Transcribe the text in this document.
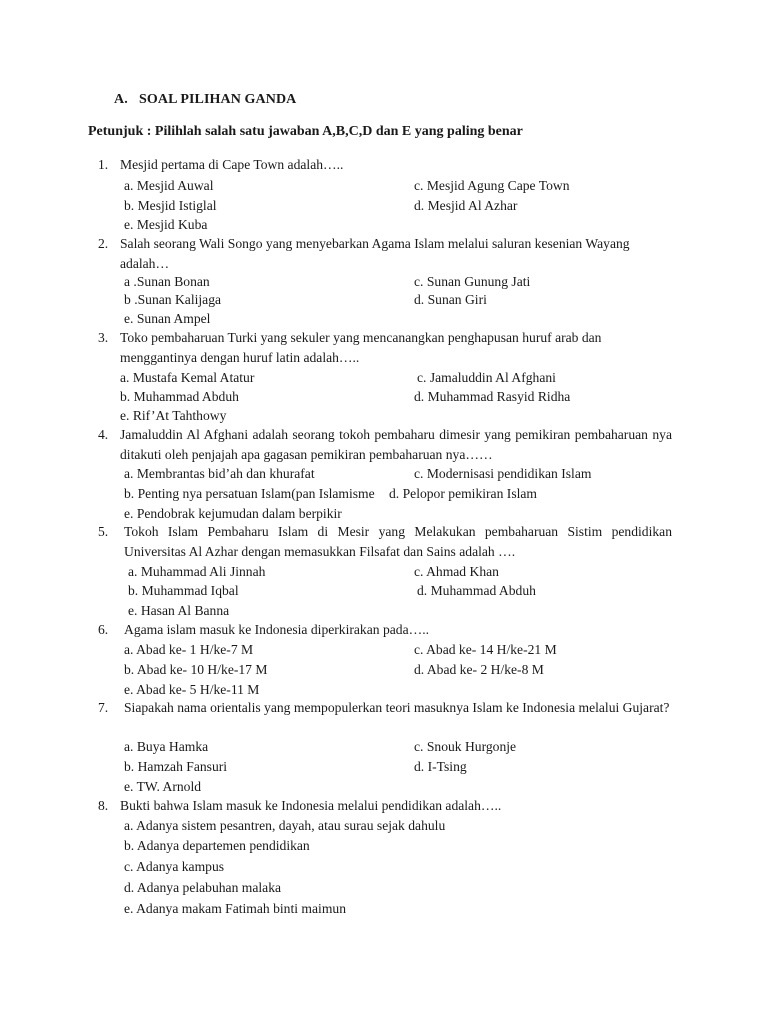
A. SOAL PILIHAN GANDA
Petunjuk : Pilihlah salah satu jawaban A,B,C,D dan E yang paling benar
1. Mesjid pertama di Cape Town adalah…..
a. Mesjid Auwal	c. Mesjid Agung Cape Town
b. Mesjid Istiglal	d. Mesjid Al Azhar
e. Mesjid Kuba
2. Salah seorang Wali Songo yang menyebarkan Agama Islam melalui saluran kesenian Wayang adalah…
a .Sunan Bonan	c. Sunan Gunung Jati
b .Sunan Kalijaga	d. Sunan Giri
e. Sunan Ampel
3. Toko pembaharuan Turki yang sekuler yang mencanangkan penghapusan huruf arab dan menggantinya dengan huruf latin adalah…..
a. Mustafa Kemal Atatur	c. Jamaluddin Al Afghani
b. Muhammad Abduh	d. Muhammad Rasyid Ridha
e. Rif’At Tahthowy
4. Jamaluddin Al Afghani adalah seorang tokoh pembaharu dimesir yang pemikiran pembaharuan nya ditakuti oleh penjajah apa gagasan pemikiran pembaharuan nya……
a. Membrantas bid’ah dan khurafat	c. Modernisasi pendidikan Islam
b. Penting nya persatuan Islam(pan Islamisme d. Pelopor pemikiran Islam
e. Pendobrak kejumudan dalam berpikir
5. Tokoh Islam Pembaharu Islam di Mesir yang Melakukan pembaharuan Sistim pendidikan Universitas Al Azhar dengan memasukkan Filsafat dan Sains adalah ….
a. Muhammad Ali Jinnah	c. Ahmad Khan
b. Muhammad Iqbal	d. Muhammad Abduh
e. Hasan Al Banna
6. Agama islam masuk ke Indonesia diperkirakan pada…..
a. Abad ke- 1 H/ke-7 M	c. Abad ke- 14 H/ke-21 M
b. Abad ke- 10 H/ke-17 M	d. Abad ke- 2 H/ke-8 M
e. Abad ke- 5 H/ke-11 M
7. Siapakah nama orientalis yang mempopulerkan teori masuknya Islam ke Indonesia melalui Gujarat?
a. Buya Hamka	c. Snouk Hurgonje
b. Hamzah Fansuri	d. I-Tsing
e. TW. Arnold
8. Bukti bahwa Islam masuk ke Indonesia melalui pendidikan adalah…..
a. Adanya sistem pesantren, dayah, atau surau sejak dahulu
b. Adanya departemen pendidikan
c. Adanya kampus
d. Adanya pelabuhan malaka
e. Adanya makam Fatimah binti maimun
